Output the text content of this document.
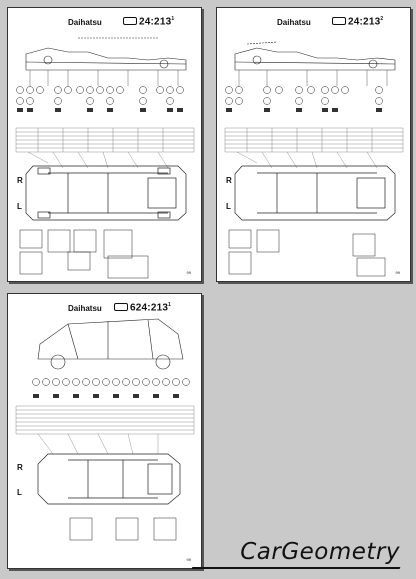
Daihatsu	$24:213^1$
R
L
99
Daihatsu	$24:213^2$
R
L
99
Daihatsu	$624:213^1$
R
L
99 CarGeometry
